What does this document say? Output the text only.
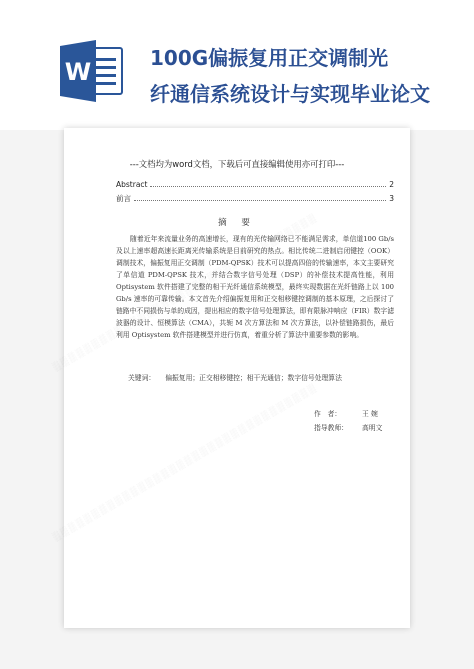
W	100G偏振复用正交调制光
纤通信系统设计与实现毕业论文
---文档均为word文档，下载后可直接编辑使用亦可打印---
Abstract	2
前言	3
摘 要

随着近年来流量业务的高速增长，现有的光传输网络已不能满足需求，单信道100 Gb/s 及以上速率超高速长距离光传输系统是目前研究的热点。相比传统二进制启闭键控（OOK）调制技术，偏振复用正交调制（PDM-QPSK）技术可以提高四倍的传输速率，本文主要研究了单信道 PDM-QPSK 技术，并结合数字信号处理（DSP）的补偿技术提高性能，利用 Optisystem 软件搭建了完整的相干光纤通信系统模型，最终实现数据在光纤链路上以 100 Gb/s 速率的可靠传输。本文首先介绍偏振复用和正交相移键控调制的基本原理，之后探讨了链路中不同损伤与单的成因，提出相应的数字信号处理算法，即有限脉冲响应（FIR）数字滤波器的设计、恒模算法（CMA），共轭 M 次方算法和 M 次方算法，以补偿链路损伤，最后利用 Optisystem 软件搭建模型并进行仿真，着重分析了算法中重要参数的影响。

关键词： 偏振复用；正交相移键控；相干光通信；数字信号处理算法
作　者：	王 婉
指导教师： 高明文
